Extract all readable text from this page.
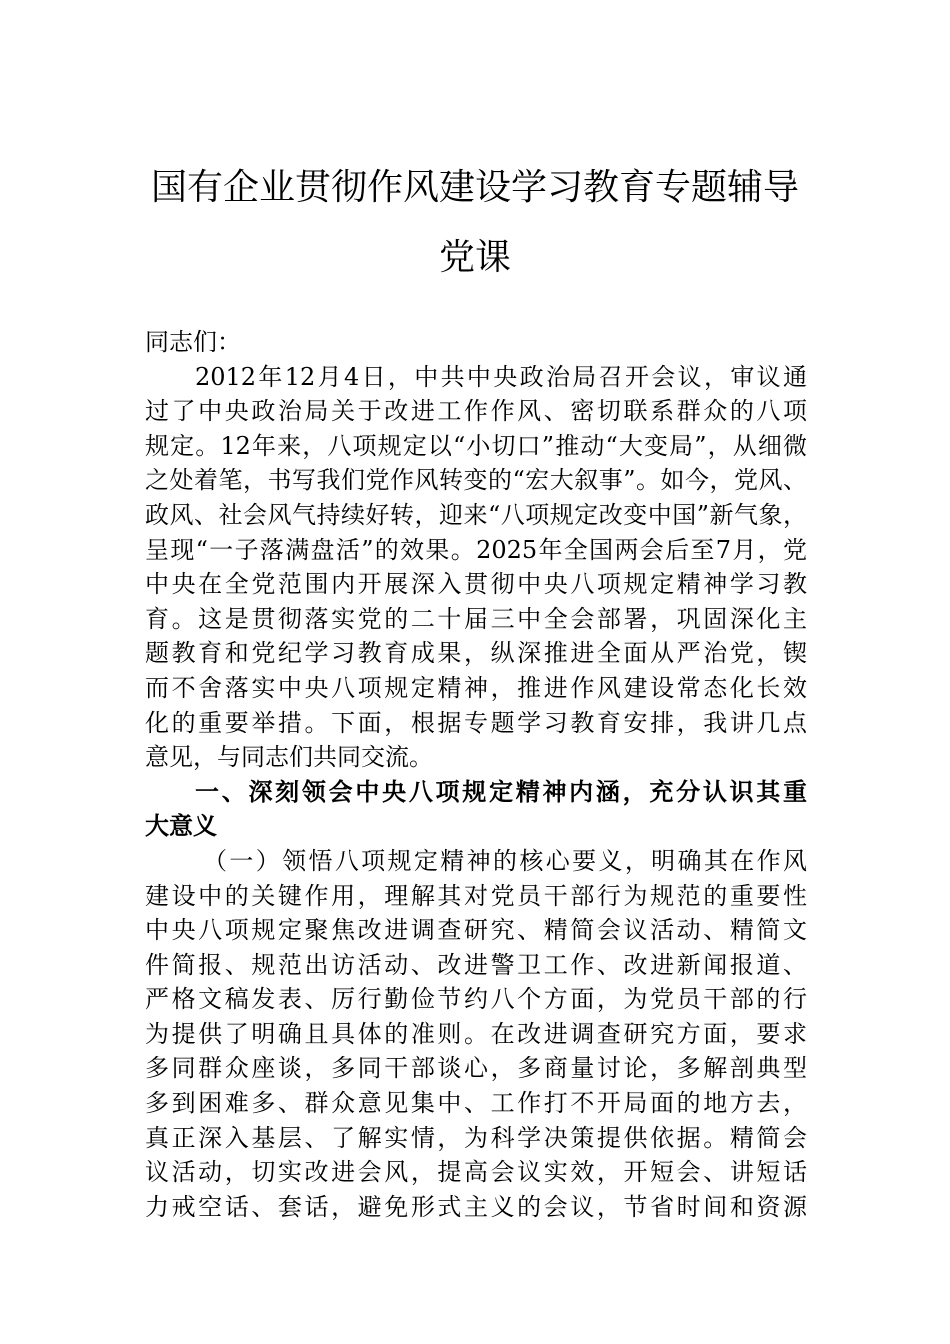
国有企业贯彻作风建设学习教育专题辅导
党课
同志们：
2012年12月4日，中共中央政治局召开会议，审议通
过了中央政治局关于改进工作作风、密切联系群众的八项
规定。12年来，八项规定以“小切口”推动“大变局”，从细微
之处着笔，书写我们党作风转变的“宏大叙事”。如今，党风、
政风、社会风气持续好转，迎来“八项规定改变中国”新气象，
呈现“一子落满盘活”的效果。2025年全国两会后至7月，党
中央在全党范围内开展深入贯彻中央八项规定精神学习教
育。这是贯彻落实党的二十届三中全会部署，巩固深化主
题教育和党纪学习教育成果，纵深推进全面从严治党，锲
而不舍落实中央八项规定精神，推进作风建设常态化长效
化的重要举措。下面，根据专题学习教育安排，我讲几点
意见，与同志们共同交流。
一、深刻领会中央八项规定精神内涵，充分认识其重
大意义
（一）领悟八项规定精神的核心要义，明确其在作风
建设中的关键作用，理解其对党员干部行为规范的重要性
中央八项规定聚焦改进调查研究、精简会议活动、精简文
件简报、规范出访活动、改进警卫工作、改进新闻报道、
严格文稿发表、厉行勤俭节约八个方面，为党员干部的行
为提供了明确且具体的准则。在改进调查研究方面，要求
多同群众座谈，多同干部谈心，多商量讨论，多解剖典型
多到困难多、群众意见集中、工作打不开局面的地方去，
真正深入基层、了解实情，为科学决策提供依据。精简会
议活动，切实改进会风，提高会议实效，开短会、讲短话
力戒空话、套话，避免形式主义的会议，节省时间和资源
